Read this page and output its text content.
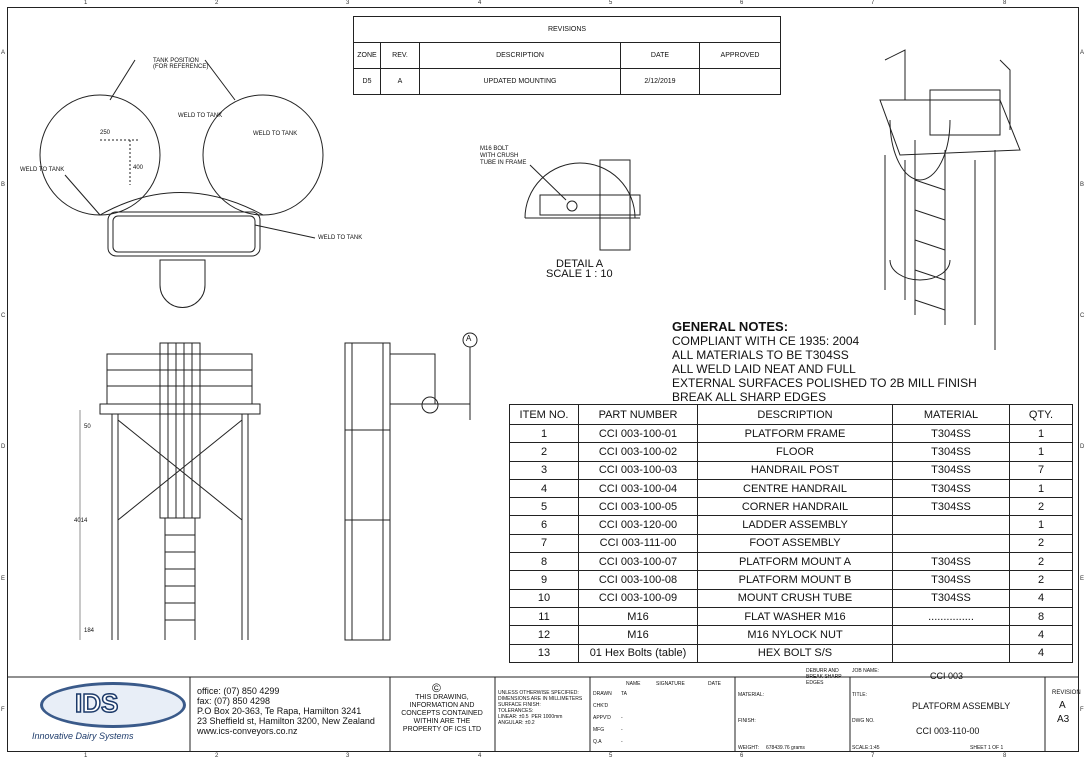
1
1
2
2
3
3
4
4
5
5
6
6
7
7
8
8
A	A
B	B
C	C
D	D
E	E
F	F
REVISIONS				
ZONE	REV.	DESCRIPTION	DATE	APPROVED
D5	A	UPDATED MOUNTING	2/12/2019	
TANK POSITION
(FOR REFERENCE)
WELD TO TANK
WELD TO TANK
WELD TO TANK
WELD TO TANK
250
400
M16 BOLT
WITH CRUSH
TUBE IN FRAME
DETAIL A
SCALE 1 : 10
A
50
4014
184
GENERAL NOTES:
COMPLIANT WITH CE 1935: 2004
ALL MATERIALS TO BE T304SS
ALL WELD LAID NEAT AND FULL
EXTERNAL SURFACES POLISHED TO 2B MILL FINISH
BREAK ALL SHARP EDGES
ITEM NO.	PART NUMBER	DESCRIPTION	MATERIAL	QTY.
1	CCI 003-100-01	PLATFORM FRAME	T304SS	1
2	CCI 003-100-02	FLOOR	T304SS	1
3	CCI 003-100-03	HANDRAIL POST	T304SS	7
4	CCI 003-100-04	CENTRE HANDRAIL	T304SS	1
5	CCI 003-100-05	CORNER HANDRAIL	T304SS	2
6	CCI 003-120-00	LADDER ASSEMBLY		1
7	CCI 003-111-00	FOOT ASSEMBLY		2
8	CCI 003-100-07	PLATFORM MOUNT A	T304SS	2
9	CCI 003-100-08	PLATFORM MOUNT B	T304SS	2
10	CCI 003-100-09	MOUNT CRUSH TUBE	T304SS	4
11	M16	FLAT WASHER M16	...............	8
12	M16	M16 NYLOCK NUT		4
13	01 Hex Bolts (table)	HEX BOLT S/S		4
IDS
Innovative Dairy Systems
office: (07) 850 4299
fax: (07) 850 4298
P.O Box 20-363, Te Rapa, Hamilton 3241
23 Sheffield st, Hamilton 3200, New Zealand
www.ics-conveyors.co.nz
©
THIS DRAWING,
INFORMATION AND
CONCEPTS CONTAINED
WITHIN ARE THE
PROPERTY OF ICS LTD
UNLESS OTHERWISE SPECIFIED:
DIMENSIONS ARE IN MILLIMETERS
SURFACE FINISH:
TOLERANCES:
LINEAR: ±0.5  PER 1000mm
ANGULAR: ±0.2
NAME	SIGNATURE	DATE
DRAWN TA
CHK'D
APPV'D -
MFG	-
Q.A	-
DEBURR AND
BREAK SHARP
EDGES
JOB NAME:	CCI 003
MATERIAL:
FINISH:
TITLE:
PLATFORM ASSEMBLY
DWG NO.
CCI 003-110-00
REVISION
A
A3
WEIGHT: 678439.76 grams	SCALE:1:45	SHEET 1 OF 1
